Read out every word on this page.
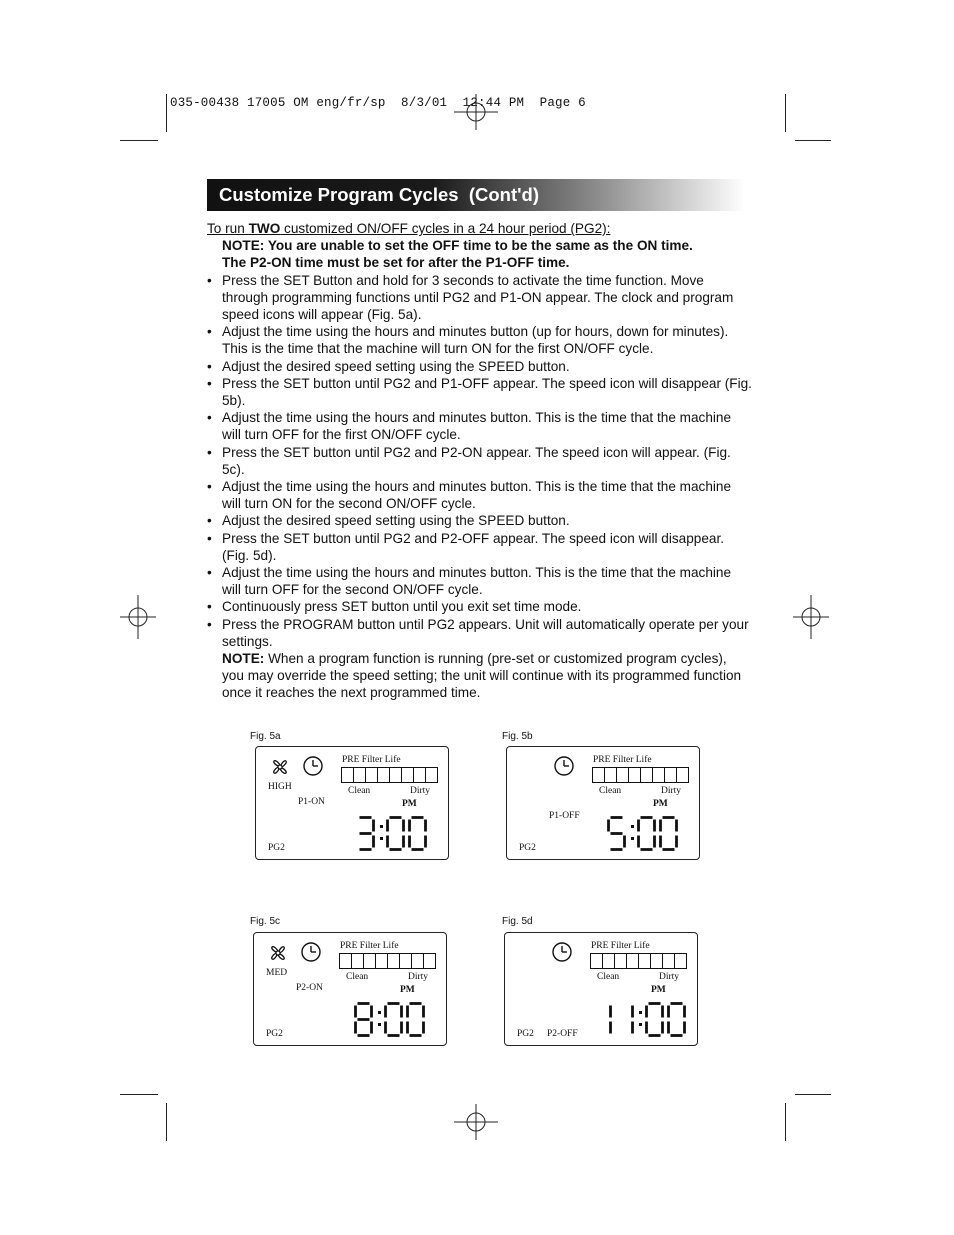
035-00438 17005 OM eng/fr/sp  8/3/01  12:44 PM  Page 6
Customize Program Cycles  (Cont'd)
To run TWO customized ON/OFF cycles in a 24 hour period (PG2):
NOTE: You are unable to set the OFF time to be the same as the ON time.
The P2-ON time must be set for after the P1-OFF time.
• Press the SET Button and hold for 3 seconds to activate the time function. Move through programming functions until PG2 and P1-ON appear. The clock and program speed icons will appear (Fig. 5a).
• Adjust the time using the hours and minutes button (up for hours, down for minutes). This is the time that the machine will turn ON for the first ON/OFF cycle.
• Adjust the desired speed setting using the SPEED button.
• Press the SET button until PG2 and P1-OFF appear. The speed icon will disappear (Fig. 5b).
• Adjust the time using the hours and minutes button. This is the time that the machine will turn OFF for the first ON/OFF cycle.
• Press the SET button until PG2 and P2-ON appear. The speed icon will appear. (Fig. 5c).
• Adjust the time using the hours and minutes button. This is the time that the machine will turn ON for the second ON/OFF cycle.
• Adjust the desired speed setting using the SPEED button.
• Press the SET button until PG2 and P2-OFF appear. The speed icon will disappear. (Fig. 5d).
• Adjust the time using the hours and minutes button. This is the time that the machine will turn OFF for the second ON/OFF cycle.
• Continuously press SET button until you exit set time mode.
• Press the PROGRAM button until PG2 appears. Unit will automatically operate per your settings.
NOTE: When a program function is running (pre-set or customized program cycles), you may override the speed setting; the unit will continue with its programmed function once it reaches the next programmed time.
Fig. 5a
PRE Filter Life
Clean	Dirty
PM
HIGH
P1-ON
PG2
Fig. 5b
PRE Filter Life
Clean	Dirty
PM
P1-OFF
PG2
Fig. 5c
PRE Filter Life
Clean	Dirty
PM
MED
P2-ON
PG2
Fig. 5d
PRE Filter Life
Clean	Dirty
PM
P2-OFF
PG2
